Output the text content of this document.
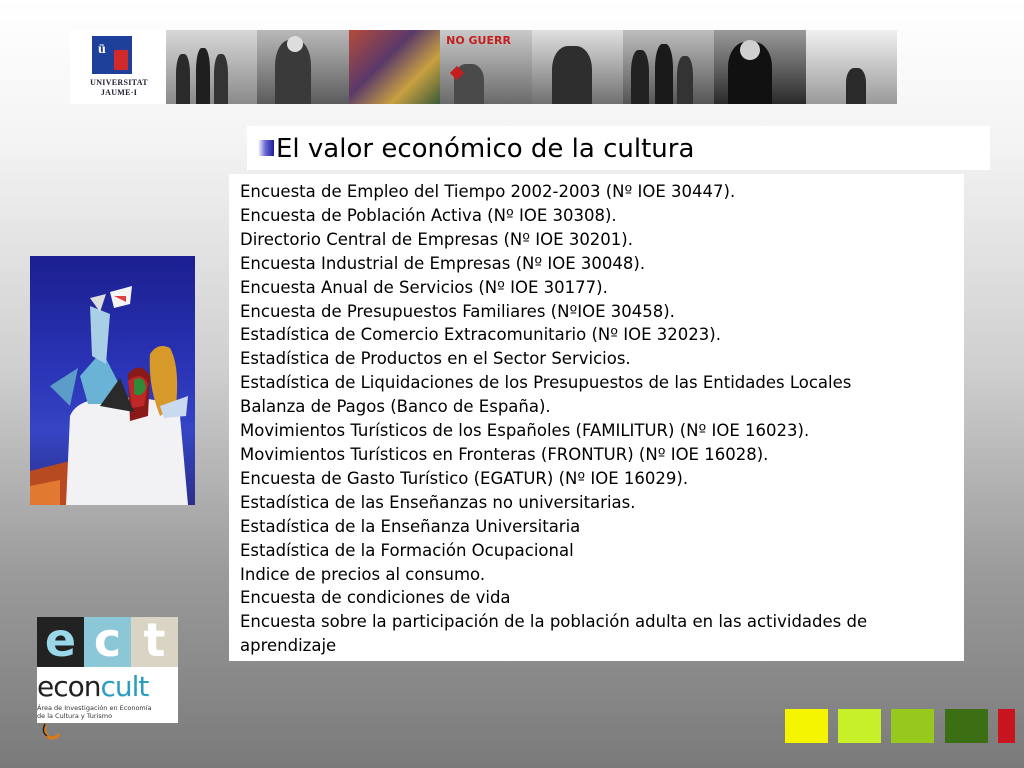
ū
UNIVERSITAT
JAUME·I
NO GUERR
El valor económico de la cultura
Encuesta de Empleo del Tiempo 2002-2003 (Nº IOE 30447).
Encuesta de Población Activa (Nº IOE 30308).
Directorio Central de Empresas (Nº IOE 30201).
Encuesta Industrial de Empresas (Nº IOE 30048).
Encuesta Anual de Servicios (Nº IOE 30177).
Encuesta de Presupuestos Familiares (NºIOE 30458).
Estadística de Comercio Extracomunitario (Nº IOE 32023).
Estadística de Productos en el Sector Servicios.
Estadística de Liquidaciones de los Presupuestos de las Entidades Locales
Balanza de Pagos (Banco de España).
Movimientos Turísticos de los Españoles (FAMILITUR) (Nº IOE 16023).
Movimientos Turísticos en Fronteras (FRONTUR) (Nº IOE 16028).
Encuesta de Gasto Turístico (EGATUR) (Nº IOE 16029).
Estadística de las Enseñanzas no universitarias.
Estadística de la Enseñanza Universitaria
Estadística de la Formación Ocupacional
Indice de precios al consumo.
Encuesta de condiciones de vida
Encuesta sobre la participación de la población adulta en las actividades de aprendizaje
e c t
econcult
Área de Investigación en Economía
de la Cultura y Turismo
